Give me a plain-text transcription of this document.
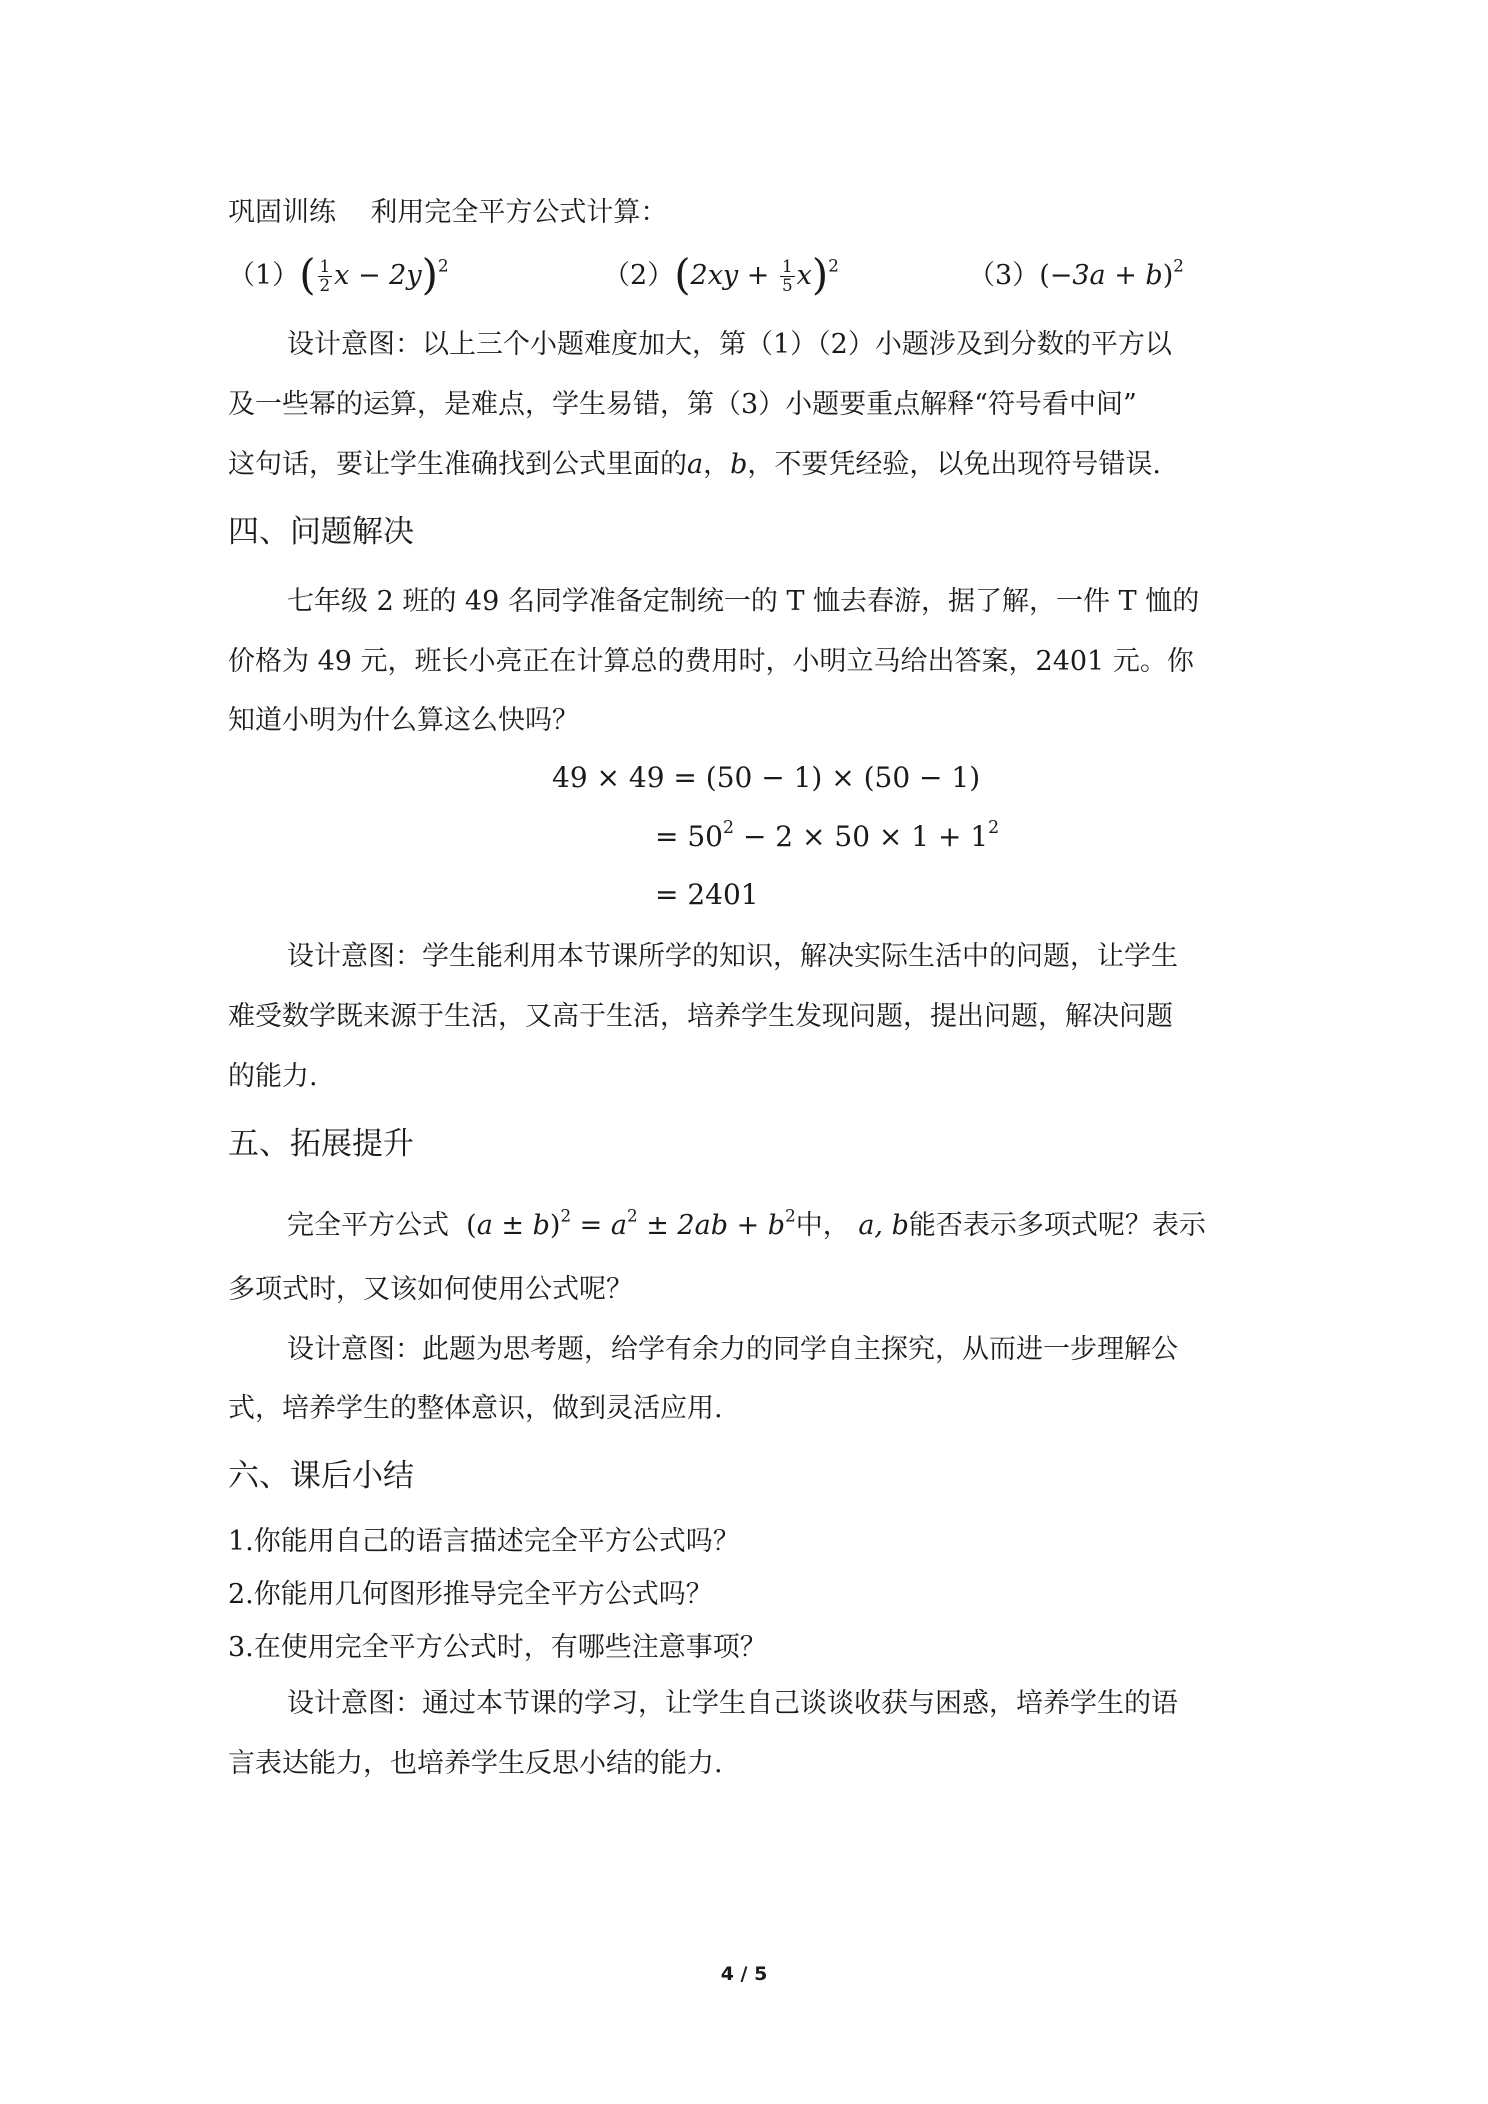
巩固训练 利用完全平方公式计算：
$(1)( \frac{1}{2}$ $x - 2y)^2$	$(2)(2xy + \frac{1}{5} x)^2$	$(3)(-3a + b)^2$
设计意图：以上三个小题难度加大，第（1）（2）小题涉及到分数的平方以
及一些幂的运算，是难点，学生易错，第（3）小题要重点解释“符号看中间”
这句话，要让学生准确找到公式里面的a，b，不要凭经验，以免出现符号错误.
四、问题解决
七年级 2 班的 49 名同学准备定制统一的 T 恤去春游，据了解，一件 T 恤的
价格为 49 元，班长小亮正在计算总的费用时，小明立马给出答案，2401 元。你
知道小明为什么算这么快吗？
49 × 49 = (50 − 1) × (50 − 1)
= $50^2 - 2 \times 50 \times 1 + 1^2$
= 2401
设计意图：学生能利用本节课所学的知识，解决实际生活中的问题，让学生
难受数学既来源于生活，又高于生活，培养学生发现问题，提出问题，解决问题
的能力.
五、拓展提升
完全平方公式 $(a \pm b)^2 = a^2 \pm 2ab + b^2$中， a, b能否表示多项式呢？表示
多项式时，又该如何使用公式呢？
设计意图：此题为思考题，给学有余力的同学自主探究，从而进一步理解公
式，培养学生的整体意识，做到灵活应用.
六、课后小结
1.你能用自己的语言描述完全平方公式吗？
2.你能用几何图形推导完全平方公式吗？
3.在使用完全平方公式时，有哪些注意事项？
设计意图：通过本节课的学习，让学生自己谈谈收获与困惑，培养学生的语
言表达能力，也培养学生反思小结的能力.
4 / 5
